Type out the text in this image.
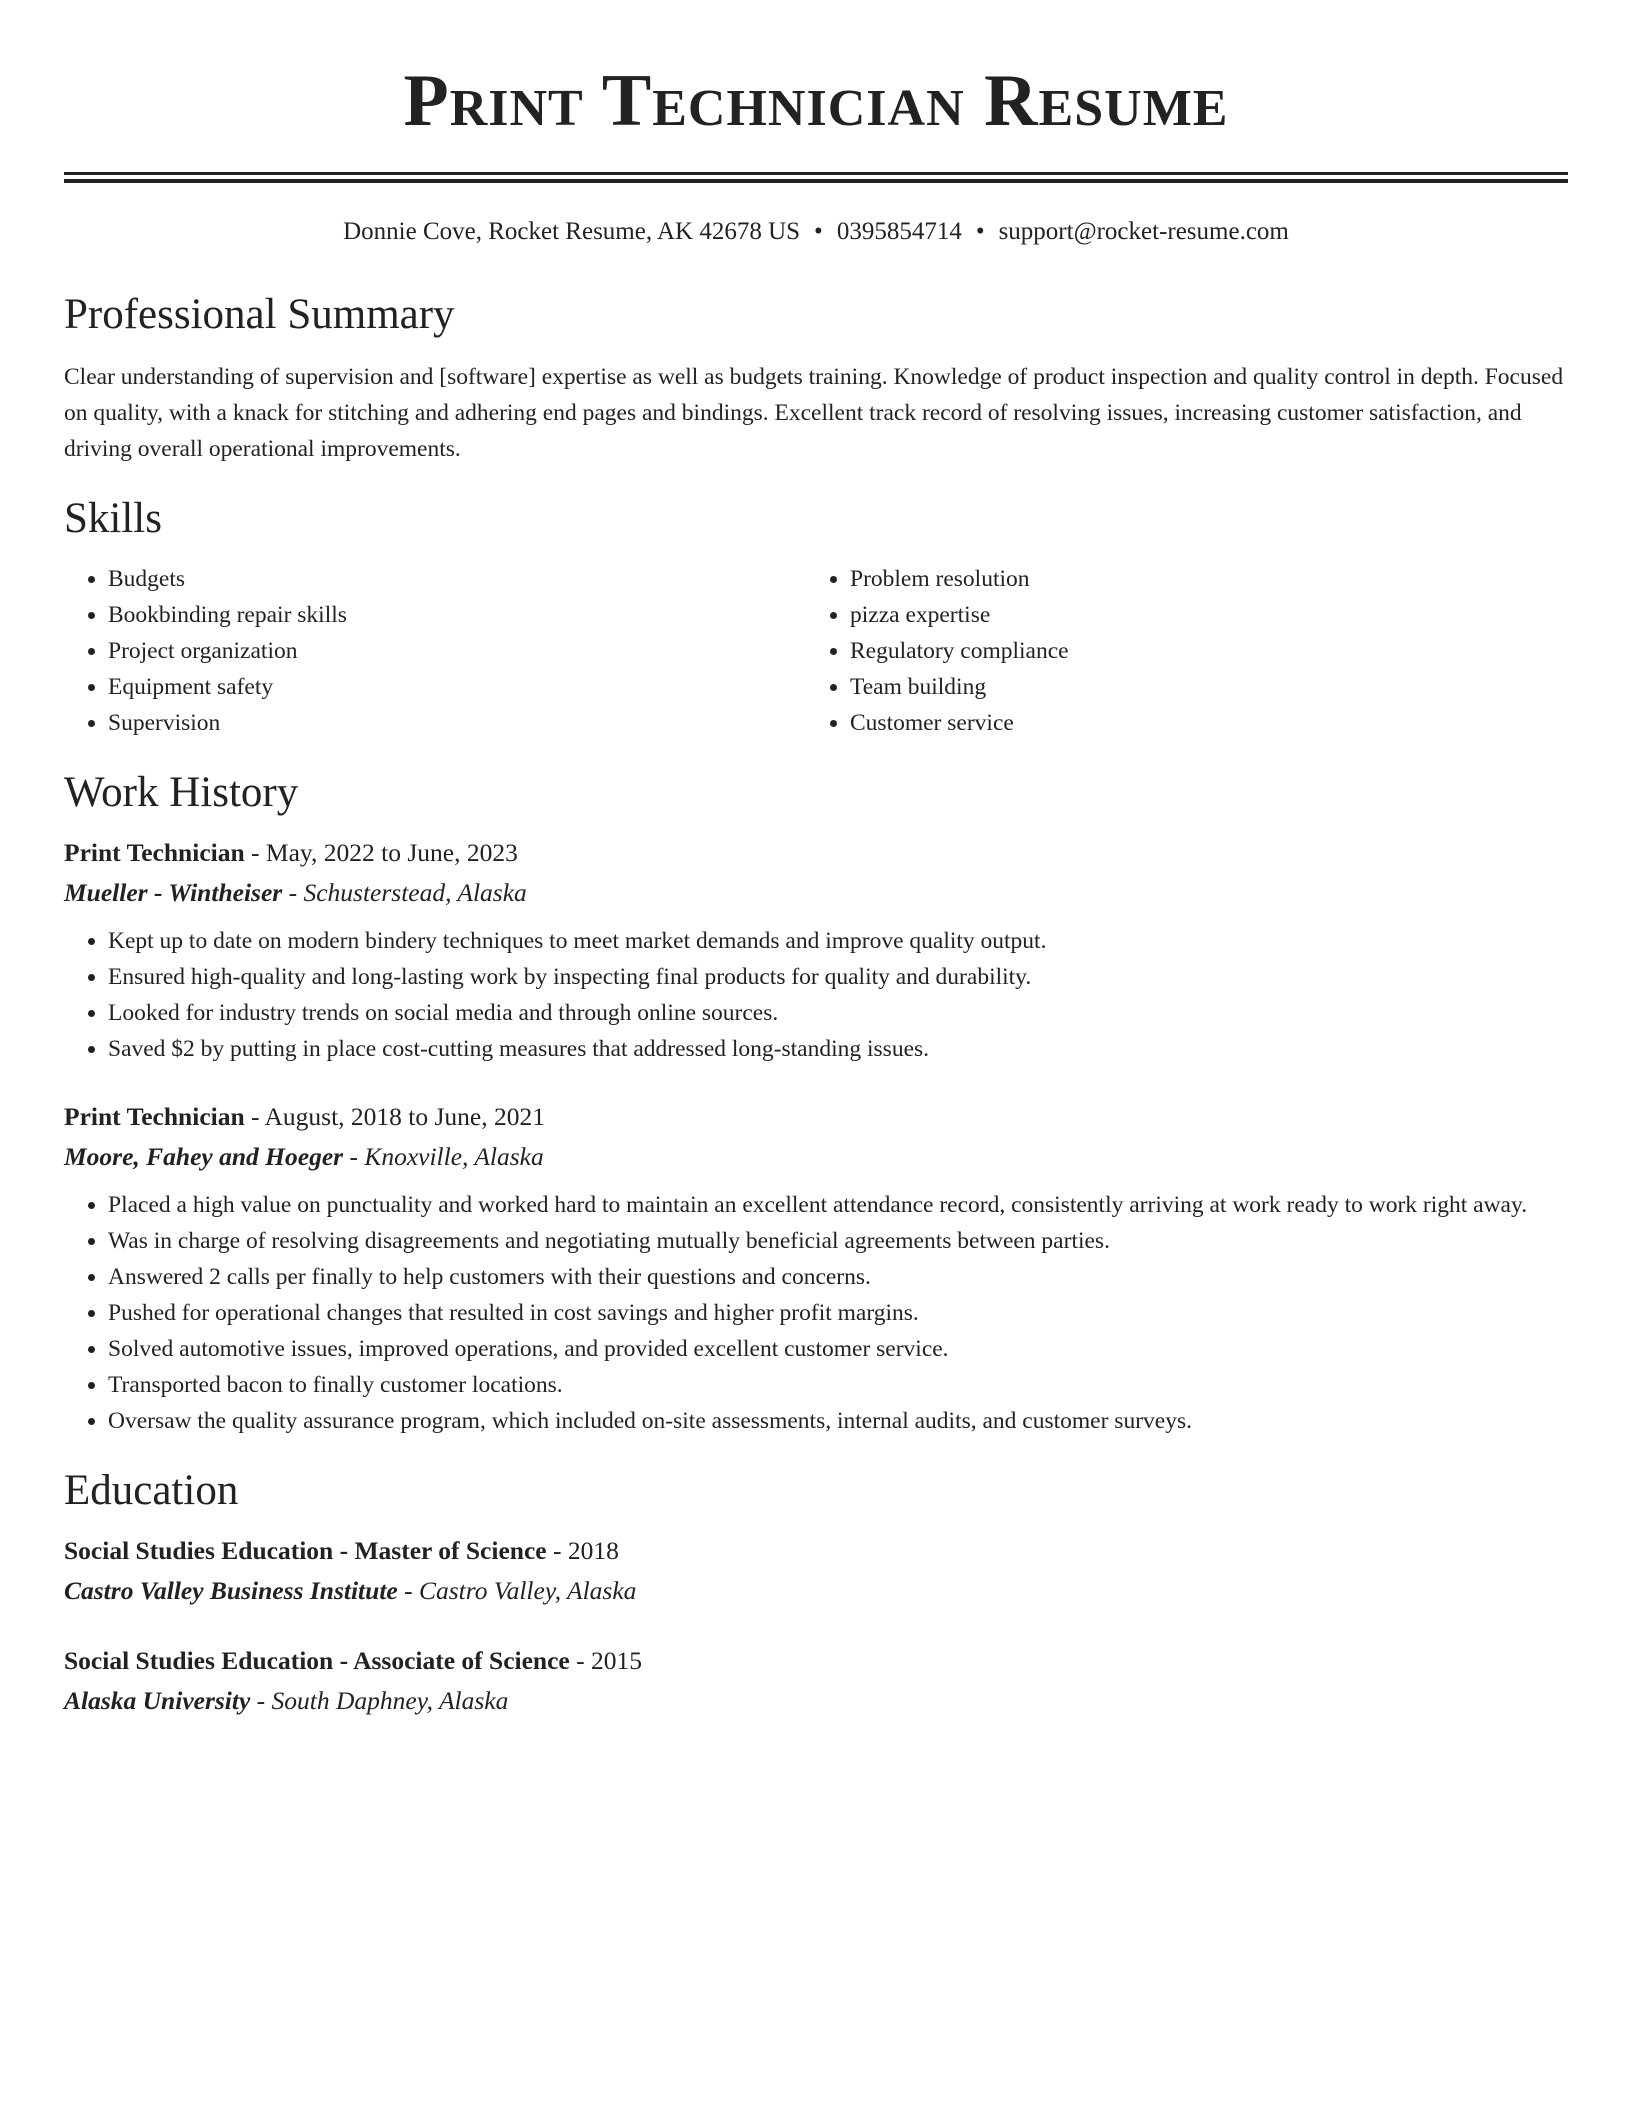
Print Technician Resume
Donnie Cove, Rocket Resume, AK 42678 US • 0395854714 • support@rocket-resume.com
Professional Summary
Clear understanding of supervision and [software] expertise as well as budgets training. Knowledge of product inspection and quality control in depth. Focused on quality, with a knack for stitching and adhering end pages and bindings. Excellent track record of resolving issues, increasing customer satisfaction, and driving overall operational improvements.
Skills
• Budgets
• Bookbinding repair skills
• Project organization
• Equipment safety
• Supervision
• Problem resolution
• pizza expertise
• Regulatory compliance
• Team building
• Customer service
Work History
Print Technician - May, 2022 to June, 2023
Mueller - Wintheiser - Schusterstead, Alaska
• Kept up to date on modern bindery techniques to meet market demands and improve quality output.
• Ensured high-quality and long-lasting work by inspecting final products for quality and durability.
• Looked for industry trends on social media and through online sources.
• Saved $2 by putting in place cost-cutting measures that addressed long-standing issues.
Print Technician - August, 2018 to June, 2021
Moore, Fahey and Hoeger - Knoxville, Alaska
• Placed a high value on punctuality and worked hard to maintain an excellent attendance record, consistently arriving at work ready to work right away.
• Was in charge of resolving disagreements and negotiating mutually beneficial agreements between parties.
• Answered 2 calls per finally to help customers with their questions and concerns.
• Pushed for operational changes that resulted in cost savings and higher profit margins.
• Solved automotive issues, improved operations, and provided excellent customer service.
• Transported bacon to finally customer locations.
• Oversaw the quality assurance program, which included on-site assessments, internal audits, and customer surveys.
Education
Social Studies Education - Master of Science - 2018
Castro Valley Business Institute - Castro Valley, Alaska
Social Studies Education - Associate of Science - 2015
Alaska University - South Daphney, Alaska
